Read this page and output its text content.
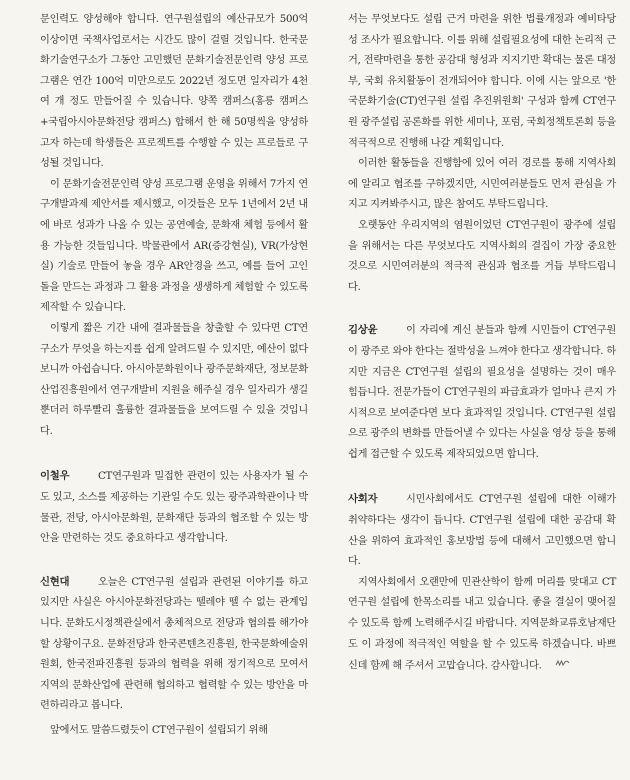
문인력도 양성해야 합니다. 연구원설립의 예산규모가 500억 이상이면 국책사업로서는 시간도 많이 걸릴 것입니다. 한국문화기술연구소가 그동안 고민했던 문화기술전문인력 양성 프로그램은 연간 100억 미만으로도 2022년 정도면 일자리가 4천여 개 정도 만들어질 수 있습니다. 양쪽 캠퍼스(홍릉 캠퍼스+국립아시아문화전당 캠퍼스) 합해서 한 해 50명씩을 양성하고자 하는데 학생들은 프로젝트를 수행할 수 있는 프로들로 구성될 것입니다.

이 문화기술전문인력 양성 프로그램 운영을 위해서 7가지 연구개발과제 제안서를 제시했고, 이것들은 모두 1년에서 2년 내에 바로 성과가 나올 수 있는 공연예술, 문화재 체험 등에서 활용 가능한 것들입니다. 박물관에서 AR(증강현실), VR(가상현실) 기술로 만들어 놓을 경우 AR안경을 쓰고, 예를 들어 고인돌을 만드는 과정과 그 활용 과정을 생생하게 체험할 수 있도록 제작할 수 있습니다.

이렇게 짧은 기간 내에 결과물들을 창출할 수 있다면 CT연구소가 무엇을 하는지를 쉽게 알려드릴 수 있지만, 예산이 없다 보니까 아쉽습니다. 아시아문화원이나 광주문화재단, 정보문화산업진흥원에서 연구개발비 지원을 해주실 경우 일자리가 생길뿐더러 하루빨리 훌륭한 결과물들을 보여드릴 수 있을 것입니다.

이철우	CT연구원과 밀접한 관련이 있는 사용자가 될 수도 있고, 소스를 제공하는 기관일 수도 있는 광주과학관이나 박물관, 전당, 아시아문화원, 문화재단 등과의 협조할 수 있는 방안을 만련하는 것도 중요하다고 생각합니다.

신현대	오늘은 CT연구원 설립과 관련된 이야기를 하고 있지만 사실은 아시아문화전당과는 뗄레야 뗄 수 없는 관계입니다. 문화도시정책관실에서 총체적으로 전당과 협의를 해가야 할 상황이구요. 문화전당과 한국콘텐츠진흥원, 한국문화예술위원회, 한국전파진흥원 등과의 협력을 위해 정기적으로 모여서 지역의 문화산업에 관련해 협의하고 협력할 수 있는 방안을 마련하리라고 봅니다.

앞에서도 말씀드렸듯이 CT연구원이 설립되기 위해

서는 무엇보다도 설립 근거 마련을 위한 법률개정과 예비타당성 조사가 필요합니다. 이를 위해 설립필요성에 대한 논리적 근거, 전략마련을 통한 공감대 형성과 지지기반 확대는 물론 대정부, 국회 유치활동이 전개되어야 합니다. 이에 시는 앞으로 '한국문화기술(CT)연구원 설립 추진위원회' 구성과 함께 CT연구원 광주설립 공론화를 위한 세미나, 포럼, 국회정책토론회 등을 적극적으로 진행해 나갈 계획입니다.

이러한 활동들을 진행함에 있어 여러 경로를 통해 지역사회에 알리고 협조를 구하겠지만, 시민여러분들도 먼저 관심을 가지고 지켜봐주시고, 많은 참여도 부탁드립니다.

오랫동안 우리지역의 염원이었던 CT연구원이 광주에 설립을 위해서는 다른 무엇보다도 지역사회의 결집이 가장 중요한 것으로 시민여러분의 적극적 관심과 협조를 거듭 부탁드립니다.

김상윤	이 자리에 계신 분들과 함께 시민들이 CT연구원이 광주로 와야 한다는 절박성을 느껴야 한다고 생각합니다. 하지만 지금은 CT연구원 설립의 필요성을 설명하는 것이 매우 힘듭니다. 전문가들이 CT연구원의 파급효과가 얼마나 큰지 가시적으로 보여준다면 보다 효과적일 것입니다. CT연구원 설립으로 광주의 변화를 만들어낼 수 있다는 사실을 영상 등을 통해 쉽게 접근할 수 있도록 제작되었으면 합니다.

사회자	시민사회에서도 CT연구원 설립에 대한 이해가 취약하다는 생각이 듭니다. CT연구원 설립에 대한 공감대 확산을 위하여 효과적인 홍보방법 등에 대해서 고민했으면 합니다.

지역사회에서 오랜만에 민관산학이 함께 머리를 맞대고 CT연구원 설립에 한목소리를 내고 있습니다. 좋을 결실이 맺어질 수 있도록 함께 노력해주시길 바랍니다. 지역문화교류호남재단도 이 과정에 적극적인 역할을 할 수 있도록 하겠습니다. 바쁘신데 함께 해 주셔서 고맙습니다. 감사합니다.
